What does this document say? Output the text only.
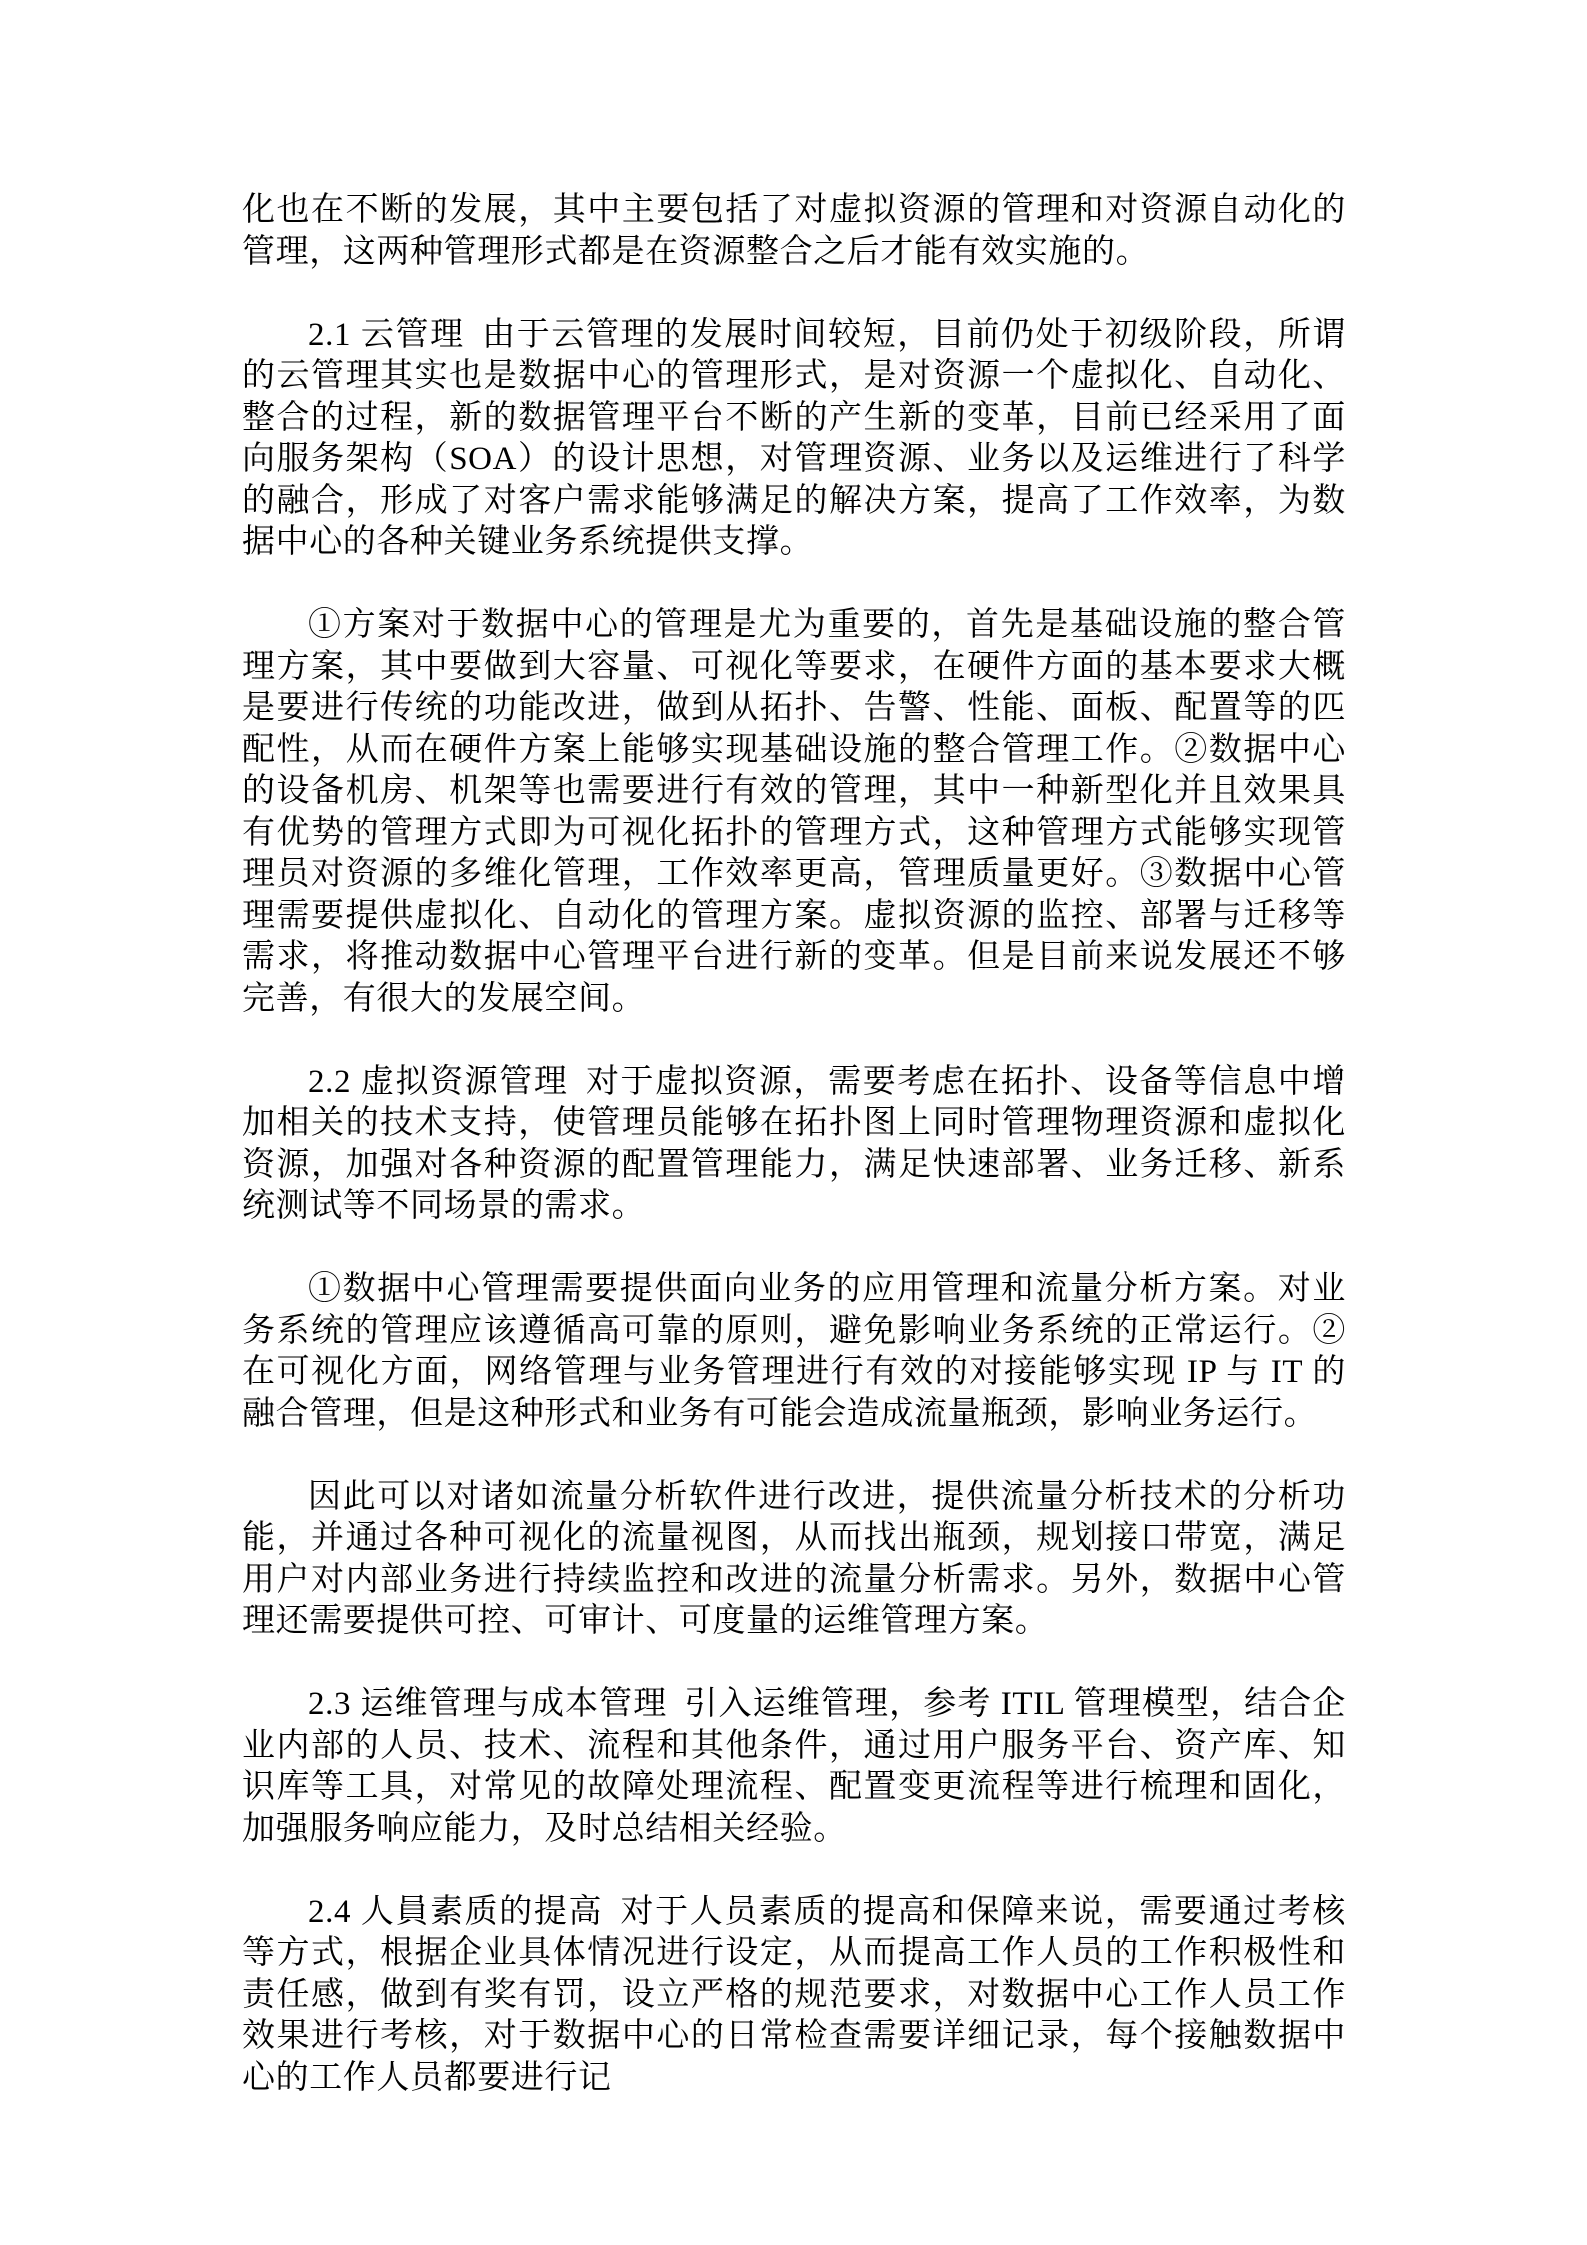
化也在不断的发展，其中主要包括了对虚拟资源的管理和对资源自动化的管理，这两种管理形式都是在资源整合之后才能有效实施的。

2.1 云管理 由于云管理的发展时间较短，目前仍处于初级阶段，所谓的云管理其实也是数据中心的管理形式，是对资源一个虚拟化、自动化、整合的过程，新的数据管理平台不断的产生新的变革，目前已经采用了面向服务架构（SOA）的设计思想，对管理资源、业务以及运维进行了科学的融合，形成了对客户需求能够满足的解决方案，提高了工作效率，为数据中心的各种关键业务系统提供支撑。

①方案对于数据中心的管理是尤为重要的，首先是基础设施的整合管理方案，其中要做到大容量、可视化等要求，在硬件方面的基本要求大概是要进行传统的功能改进，做到从拓扑、告警、性能、面板、配置等的匹配性，从而在硬件方案上能够实现基础设施的整合管理工作。②数据中心的设备机房、机架等也需要进行有效的管理，其中一种新型化并且效果具有优势的管理方式即为可视化拓扑的管理方式，这种管理方式能够实现管理员对资源的多维化管理，工作效率更高，管理质量更好。③数据中心管理需要提供虚拟化、自动化的管理方案。虚拟资源的监控、部署与迁移等需求，将推动数据中心管理平台进行新的变革。但是目前来说发展还不够完善，有很大的发展空间。

2.2 虚拟资源管理 对于虚拟资源，需要考虑在拓扑、设备等信息中增加相关的技术支持，使管理员能够在拓扑图上同时管理物理资源和虚拟化资源，加强对各种资源的配置管理能力，满足快速部署、业务迁移、新系统测试等不同场景的需求。

①数据中心管理需要提供面向业务的应用管理和流量分析方案。对业务系统的管理应该遵循高可靠的原则，避免影响业务系统的正常运行。②在可视化方面，网络管理与业务管理进行有效的对接能够实现 IP 与 IT 的融合管理，但是这种形式和业务有可能会造成流量瓶颈，影响业务运行。

因此可以对诸如流量分析软件进行改进，提供流量分析技术的分析功能，并通过各种可视化的流量视图，从而找出瓶颈，规划接口带宽，满足用户对内部业务进行持续监控和改进的流量分析需求。另外，数据中心管理还需要提供可控、可审计、可度量的运维管理方案。

2.3 运维管理与成本管理 引入运维管理，参考 ITIL 管理模型，结合企业内部的人员、技术、流程和其他条件，通过用户服务平台、资产库、知识库等工具，对常见的故障处理流程、配置变更流程等进行梳理和固化，加强服务响应能力，及时总结相关经验。

2.4 人員素质的提高 对于人员素质的提高和保障来说，需要通过考核等方式，根据企业具体情况进行设定，从而提高工作人员的工作积极性和责任感，做到有奖有罚，设立严格的规范要求，对数据中心工作人员工作效果进行考核，对于数据中心的日常检查需要详细记录，每个接触数据中心的工作人员都要进行记
